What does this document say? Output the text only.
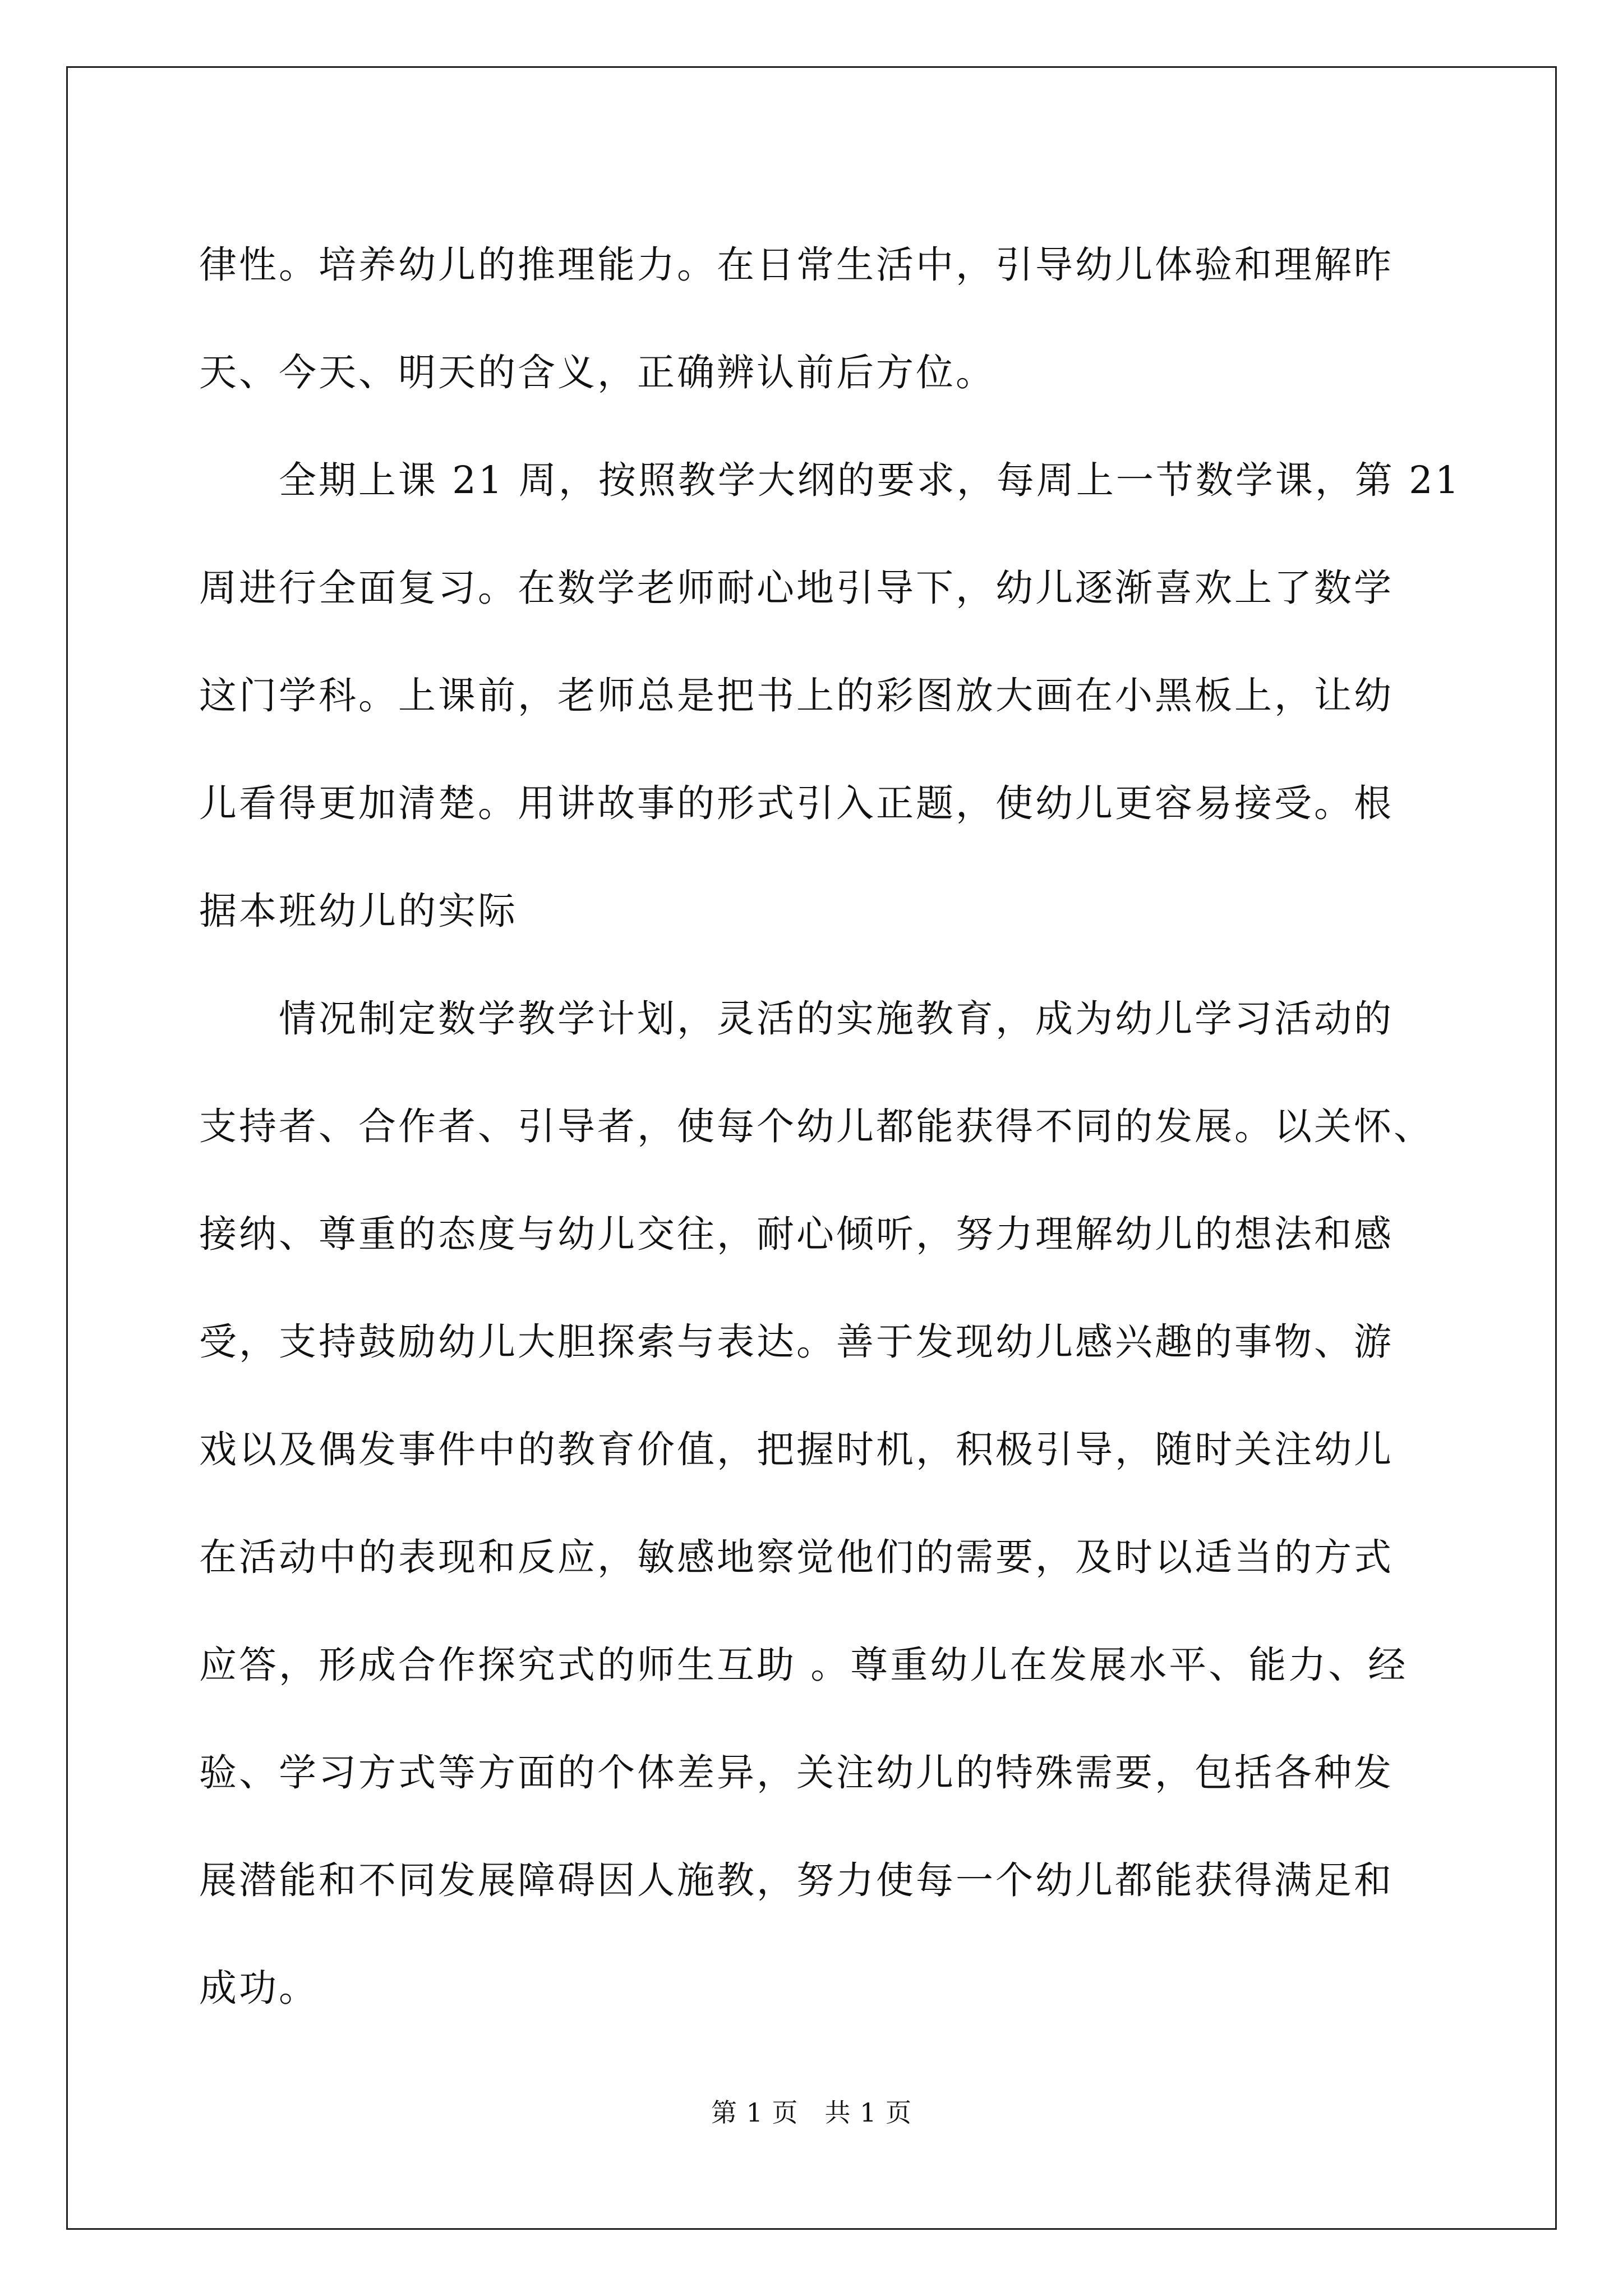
律性。培养幼儿的推理能力。在日常生活中，引导幼儿体验和理解昨
天、今天、明天的含义，正确辨认前后方位。
　　全期上课 21 周，按照教学大纲的要求，每周上一节数学课，第 21
周进行全面复习。在数学老师耐心地引导下，幼儿逐渐喜欢上了数学
这门学科。上课前，老师总是把书上的彩图放大画在小黑板上，让幼
儿看得更加清楚。用讲故事的形式引入正题，使幼儿更容易接受。根
据本班幼儿的实际
　　情况制定数学教学计划，灵活的实施教育，成为幼儿学习活动的
支持者、合作者、引导者，使每个幼儿都能获得不同的发展。以关怀、
接纳、尊重的态度与幼儿交往，耐心倾听，努力理解幼儿的想法和感
受，支持鼓励幼儿大胆探索与表达。善于发现幼儿感兴趣的事物、游
戏以及偶发事件中的教育价值，把握时机，积极引导，随时关注幼儿
在活动中的表现和反应，敏感地察觉他们的需要，及时以适当的方式
应答，形成合作探究式的师生互助 。尊重幼儿在发展水平、能力、经
验、学习方式等方面的个体差异，关注幼儿的特殊需要，包括各种发
展潜能和不同发展障碍因人施教，努力使每一个幼儿都能获得满足和
成功。
第 1 页　共 1 页
